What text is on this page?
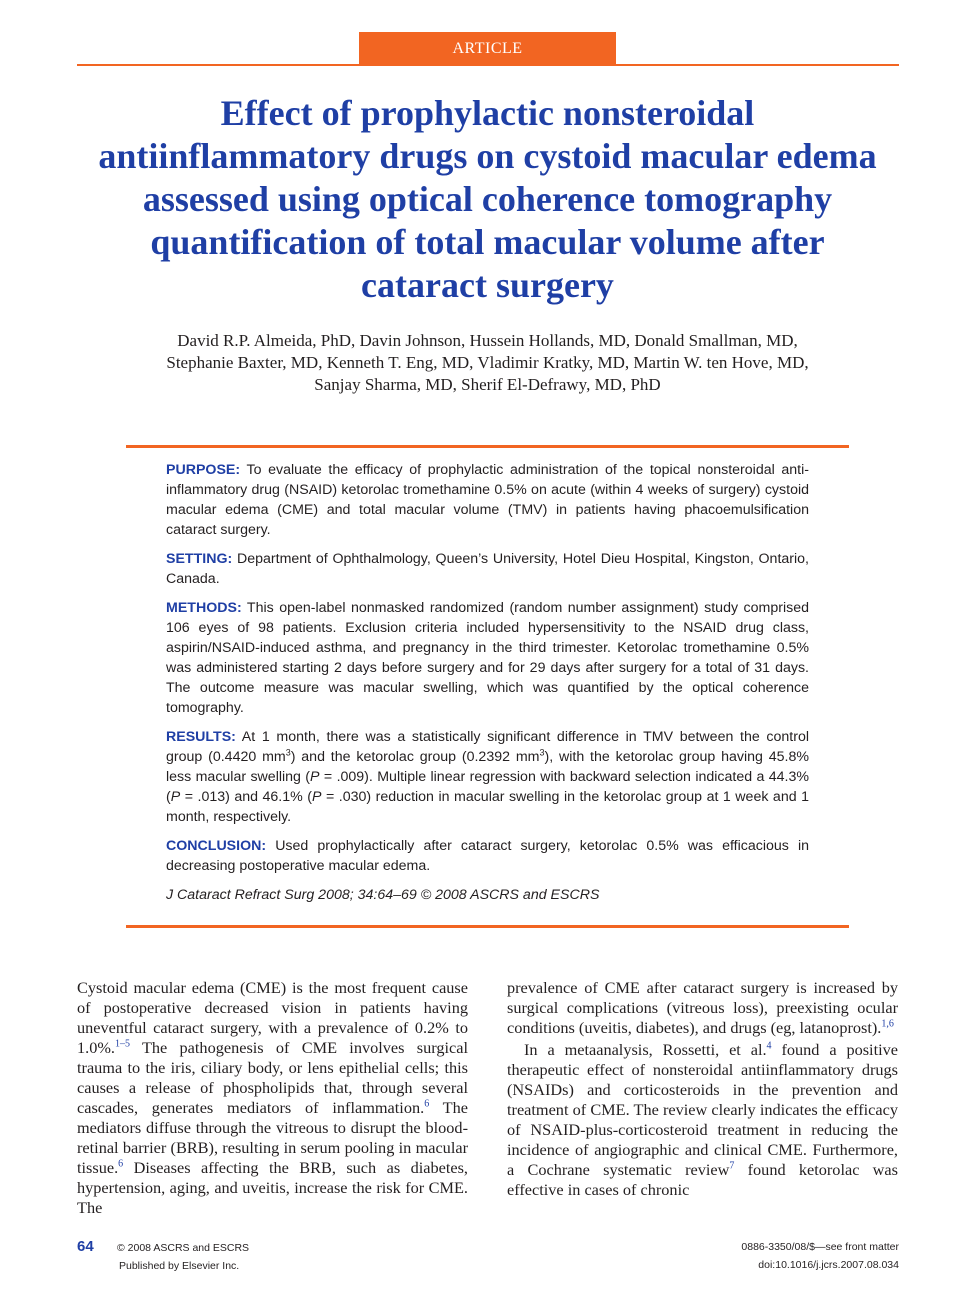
ARTICLE
Effect of prophylactic nonsteroidal
antiinflammatory drugs on cystoid macular edema
assessed using optical coherence tomography
quantification of total macular volume after
cataract surgery
David R.P. Almeida, PhD, Davin Johnson, Hussein Hollands, MD, Donald Smallman, MD,
Stephanie Baxter, MD, Kenneth T. Eng, MD, Vladimir Kratky, MD, Martin W. ten Hove, MD,
Sanjay Sharma, MD, Sherif El-Defrawy, MD, PhD

PURPOSE: To evaluate the efficacy of prophylactic administration of the topical nonsteroidal anti-inflammatory drug (NSAID) ketorolac tromethamine 0.5% on acute (within 4 weeks of surgery) cystoid macular edema (CME) and total macular volume (TMV) in patients having phacoemulsification cataract surgery.

SETTING: Department of Ophthalmology, Queen’s University, Hotel Dieu Hospital, Kingston, Ontario, Canada.

METHODS: This open-label nonmasked randomized (random number assignment) study comprised 106 eyes of 98 patients. Exclusion criteria included hypersensitivity to the NSAID drug class, aspirin/NSAID-induced asthma, and pregnancy in the third trimester. Ketorolac tromethamine 0.5% was administered starting 2 days before surgery and for 29 days after surgery for a total of 31 days. The outcome measure was macular swelling, which was quantified by the optical coherence tomography.

RESULTS: At 1 month, there was a statistically significant difference in TMV between the control group (0.4420 $mm^3$) and the ketorolac group (0.2392 $mm^3$), with the ketorolac group having 45.8% less macular swelling (P = .009). Multiple linear regression with backward selection indicated a 44.3% (P = .013) and 46.1% (P = .030) reduction in macular swelling in the ketorolac group at 1 week and 1 month, respectively.

CONCLUSION: Used prophylactically after cataract surgery, ketorolac 0.5% was efficacious in decreasing postoperative macular edema.

J Cataract Refract Surg 2008; 34:64–69 © 2008 ASCRS and ESCRS

Cystoid macular edema (CME) is the most frequent cause of postoperative decreased vision in patients having uneventful cataract surgery, with a prevalence of 0.2% to 1.0%.$^{1-5}$ The pathogenesis of CME involves surgical trauma to the iris, ciliary body, or lens epithelial cells; this causes a release of phospholipids that, through several cascades, generates mediators of inflammation.$^6$ The mediators diffuse through the vitreous to disrupt the blood-retinal barrier (BRB), resulting in serum pooling in macular tissue.$^6$ Diseases affecting the BRB, such as diabetes, hypertension, aging, and uveitis, increase the risk for CME. The

prevalence of CME after cataract surgery is increased by surgical complications (vitreous loss), preexisting ocular conditions (uveitis, diabetes), and drugs (eg, latanoprost).$^{1,6}$

In a metaanalysis, Rossetti, et al.$^4$ found a positive therapeutic effect of nonsteroidal antiinflammatory drugs (NSAIDs) and corticosteroids in the prevention and treatment of CME. The review clearly indicates the efficacy of NSAID-plus-corticosteroid treatment in reducing the incidence of angiographic and clinical CME. Furthermore, a Cochrane systematic review$^7$ found ketorolac was effective in cases of chronic

64 © 2008 ASCRS and ESCRS
Published by Elsevier Inc.
0886-3350/08/$—see front matter
doi:10.1016/j.jcrs.2007.08.034
